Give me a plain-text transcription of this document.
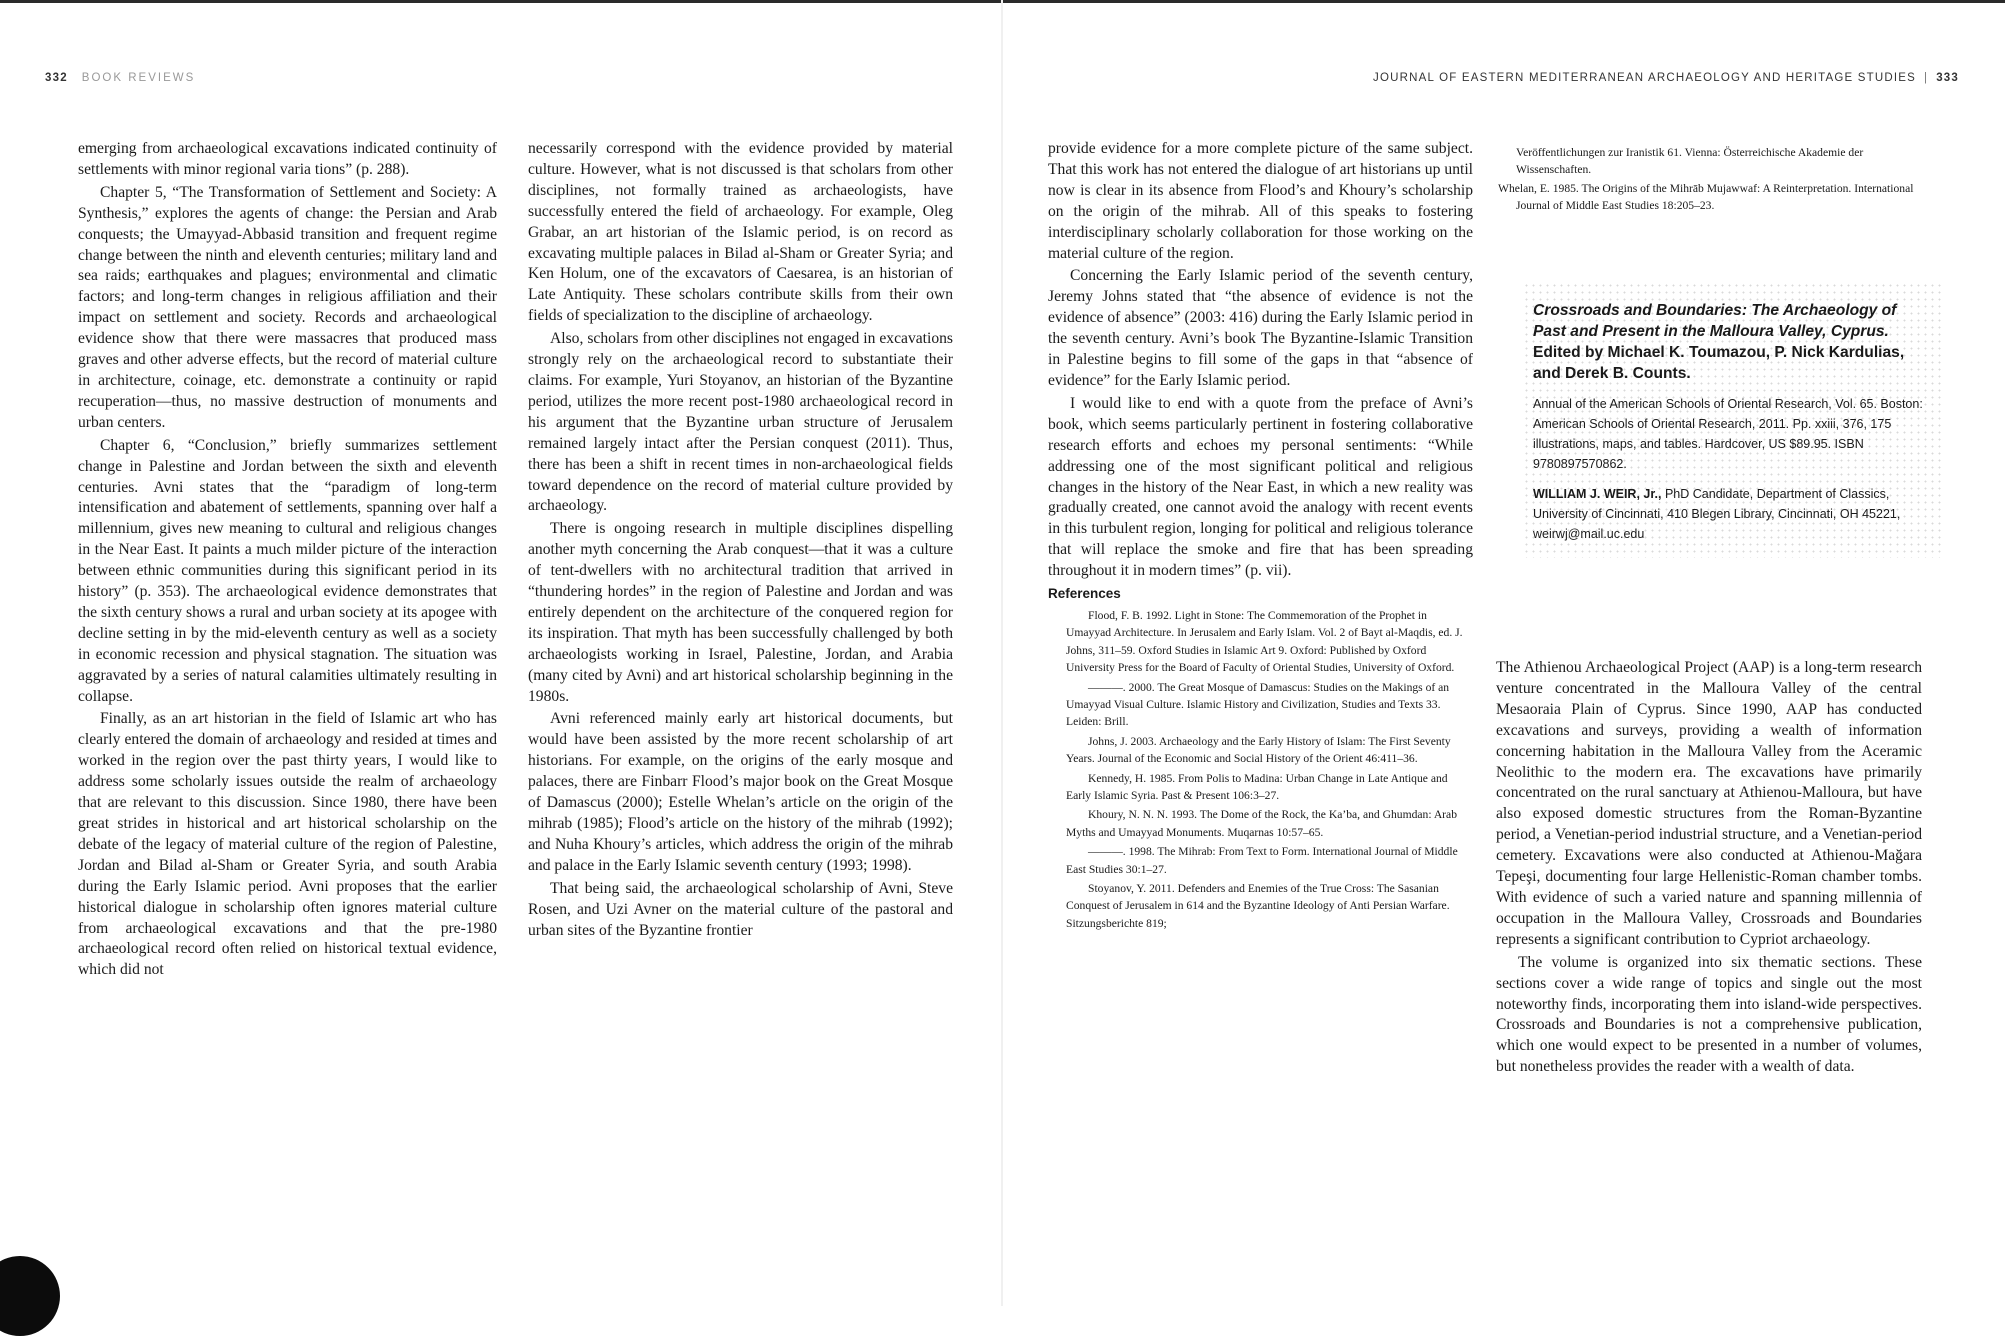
332 BOOK REVIEWS

emerging from archaeological excavations indicated continuity of settlements with minor regional varia tions” (p. 288).

Chapter 5, “The Transformation of Settlement and Society: A Synthesis,” explores the agents of change: the Persian and Arab conquests; the Umayyad-Abbasid transition and frequent regime change between the ninth and eleventh centuries; military land and sea raids; earthquakes and plagues; environmental and climatic factors; and long-term changes in religious affiliation and their impact on settlement and society. Records and archaeological evidence show that there were massacres that produced mass graves and other adverse effects, but the record of material culture in architecture, coinage, etc. demonstrate a continuity or rapid recuperation—thus, no massive destruction of monuments and urban centers.

Chapter 6, “Conclusion,” briefly summarizes settlement change in Palestine and Jordan between the sixth and eleventh centuries. Avni states that the “paradigm of long-term intensification and abatement of settlements, spanning over half a millennium, gives new meaning to cultural and religious changes in the Near East. It paints a much milder picture of the interaction between ethnic communities during this significant period in its history” (p. 353). The archaeological evidence demonstrates that the sixth century shows a rural and urban society at its apogee with decline setting in by the mid-eleventh century as well as a society in economic recession and physical stagnation. The situation was aggravated by a series of natural calamities ultimately resulting in collapse.

Finally, as an art historian in the field of Islamic art who has clearly entered the domain of archaeology and resided at times and worked in the region over the past thirty years, I would like to address some scholarly issues outside the realm of archaeology that are relevant to this discussion. Since 1980, there have been great strides in historical and art historical scholarship on the debate of the legacy of material culture of the region of Palestine, Jordan and Bilad al-Sham or Greater Syria, and south Arabia during the Early Islamic period. Avni proposes that the earlier historical dialogue in scholarship often ignores material culture from archaeological excavations and that the pre-1980 archaeological record often relied on historical textual evidence, which did not

necessarily correspond with the evidence provided by material culture. However, what is not discussed is that scholars from other disciplines, not formally trained as archaeologists, have successfully entered the field of archaeology. For example, Oleg Grabar, an art historian of the Islamic period, is on record as excavating multiple palaces in Bilad al-Sham or Greater Syria; and Ken Holum, one of the excavators of Caesarea, is an historian of Late Antiquity. These scholars contribute skills from their own fields of specialization to the discipline of archaeology.

Also, scholars from other disciplines not engaged in excavations strongly rely on the archaeological record to substantiate their claims. For example, Yuri Stoyanov, an historian of the Byzantine period, utilizes the more recent post-1980 archaeological record in his argument that the Byzantine urban structure of Jerusalem remained largely intact after the Persian conquest (2011). Thus, there has been a shift in recent times in non-archaeological fields toward dependence on the record of material culture provided by archaeology.

There is ongoing research in multiple disciplines dispelling another myth concerning the Arab conquest—that it was a culture of tent-dwellers with no architectural tradition that arrived in “thundering hordes” in the region of Palestine and Jordan and was entirely dependent on the architecture of the conquered region for its inspiration. That myth has been successfully challenged by both archaeologists working in Israel, Palestine, Jordan, and Arabia (many cited by Avni) and art historical scholarship beginning in the 1980s.

Avni referenced mainly early art historical documents, but would have been assisted by the more recent scholarship of art historians. For example, on the origins of the early mosque and palaces, there are Finbarr Flood’s major book on the Great Mosque of Damascus (2000); Estelle Whelan’s article on the origin of the mihrab (1985); Flood’s article on the history of the mihrab (1992); and Nuha Khoury’s articles, which address the origin of the mihrab and palace in the Early Islamic seventh century (1993; 1998).

That being said, the archaeological scholarship of Avni, Steve Rosen, and Uzi Avner on the material culture of the pastoral and urban sites of the Byzantine frontier

JOURNAL OF EASTERN MEDITERRANEAN ARCHAEOLOGY AND HERITAGE STUDIES | 333

provide evidence for a more complete picture of the same subject. That this work has not entered the dialogue of art historians up until now is clear in its absence from Flood’s and Khoury’s scholarship on the origin of the mihrab. All of this speaks to fostering interdisciplinary scholarly collaboration for those working on the material culture of the region.

Concerning the Early Islamic period of the seventh century, Jeremy Johns stated that “the absence of evidence is not the evidence of absence” (2003: 416) during the Early Islamic period in the seventh century. Avni’s book The Byzantine-Islamic Transition in Palestine begins to fill some of the gaps in that “absence of evidence” for the Early Islamic period.

I would like to end with a quote from the preface of Avni’s book, which seems particularly pertinent in fostering collaborative research efforts and echoes my personal sentiments: “While addressing one of the most significant political and religious changes in the history of the Near East, in which a new reality was gradually created, one cannot avoid the analogy with recent events in this turbulent region, longing for political and religious tolerance that will replace the smoke and fire that has been spreading throughout it in modern times” (p. vii).

References

Flood, F. B. 1992. Light in Stone: The Commemoration of the Prophet in Umayyad Architecture. In Jerusalem and Early Islam. Vol. 2 of Bayt al-Maqdis, ed. J. Johns, 311–59. Oxford Studies in Islamic Art 9. Oxford: Published by Oxford University Press for the Board of Faculty of Oriental Studies, University of Oxford.

———. 2000. The Great Mosque of Damascus: Studies on the Makings of an Umayyad Visual Culture. Islamic History and Civilization, Studies and Texts 33. Leiden: Brill.

Johns, J. 2003. Archaeology and the Early History of Islam: The First Seventy Years. Journal of the Economic and Social History of the Orient 46:411–36.

Kennedy, H. 1985. From Polis to Madina: Urban Change in Late Antique and Early Islamic Syria. Past & Present 106:3–27.

Khoury, N. N. N. 1993. The Dome of the Rock, the Ka’ba, and Ghumdan: Arab Myths and Umayyad Monuments. Muqarnas 10:57–65.

———. 1998. The Mihrab: From Text to Form. International Journal of Middle East Studies 30:1–27.

Stoyanov, Y. 2011. Defenders and Enemies of the True Cross: The Sasanian Conquest of Jerusalem in 614 and the Byzantine Ideology of Anti Persian Warfare. Sitzungsberichte 819;

Veröffentlichungen zur Iranistik 61. Vienna: Österreichische Akademie der Wissenschaften.

Whelan, E. 1985. The Origins of the Mihrāb Mujawwaf: A Reinterpretation. International Journal of Middle East Studies 18:205–23.

Crossroads and Boundaries: The Archaeology of Past and Present in the Malloura Valley, Cyprus. Edited by Michael K. Toumazou, P. Nick Kardulias, and Derek B. Counts.

Annual of the American Schools of Oriental Research, Vol. 65. Boston: American Schools of Oriental Research, 2011. Pp. xxiii, 376, 175 illustrations, maps, and tables. Hardcover, US $89.95. ISBN 9780897570862.

WILLIAM J. WEIR, Jr., PhD Candidate, Department of Classics, University of Cincinnati, 410 Blegen Library, Cincinnati, OH 45221, weirwj@mail.uc.edu

The Athienou Archaeological Project (AAP) is a long-term research venture concentrated in the Malloura Valley of the central Mesaoraia Plain of Cyprus. Since 1990, AAP has conducted excavations and surveys, providing a wealth of information concerning habitation in the Malloura Valley from the Aceramic Neolithic to the modern era. The excavations have primarily concentrated on the rural sanctuary at Athienou-Malloura, but have also exposed domestic structures from the Roman-Byzantine period, a Venetian-period industrial structure, and a Venetian-period cemetery. Excavations were also conducted at Athienou-Mağara Tepeşi, documenting four large Hellenistic-Roman chamber tombs. With evidence of such a varied nature and spanning millennia of occupation in the Malloura Valley, Crossroads and Boundaries represents a significant contribution to Cypriot archaeology.

The volume is organized into six thematic sections. These sections cover a wide range of topics and single out the most noteworthy finds, incorporating them into island-wide perspectives. Crossroads and Boundaries is not a comprehensive publication, which one would expect to be presented in a number of volumes, but nonetheless provides the reader with a wealth of data.
